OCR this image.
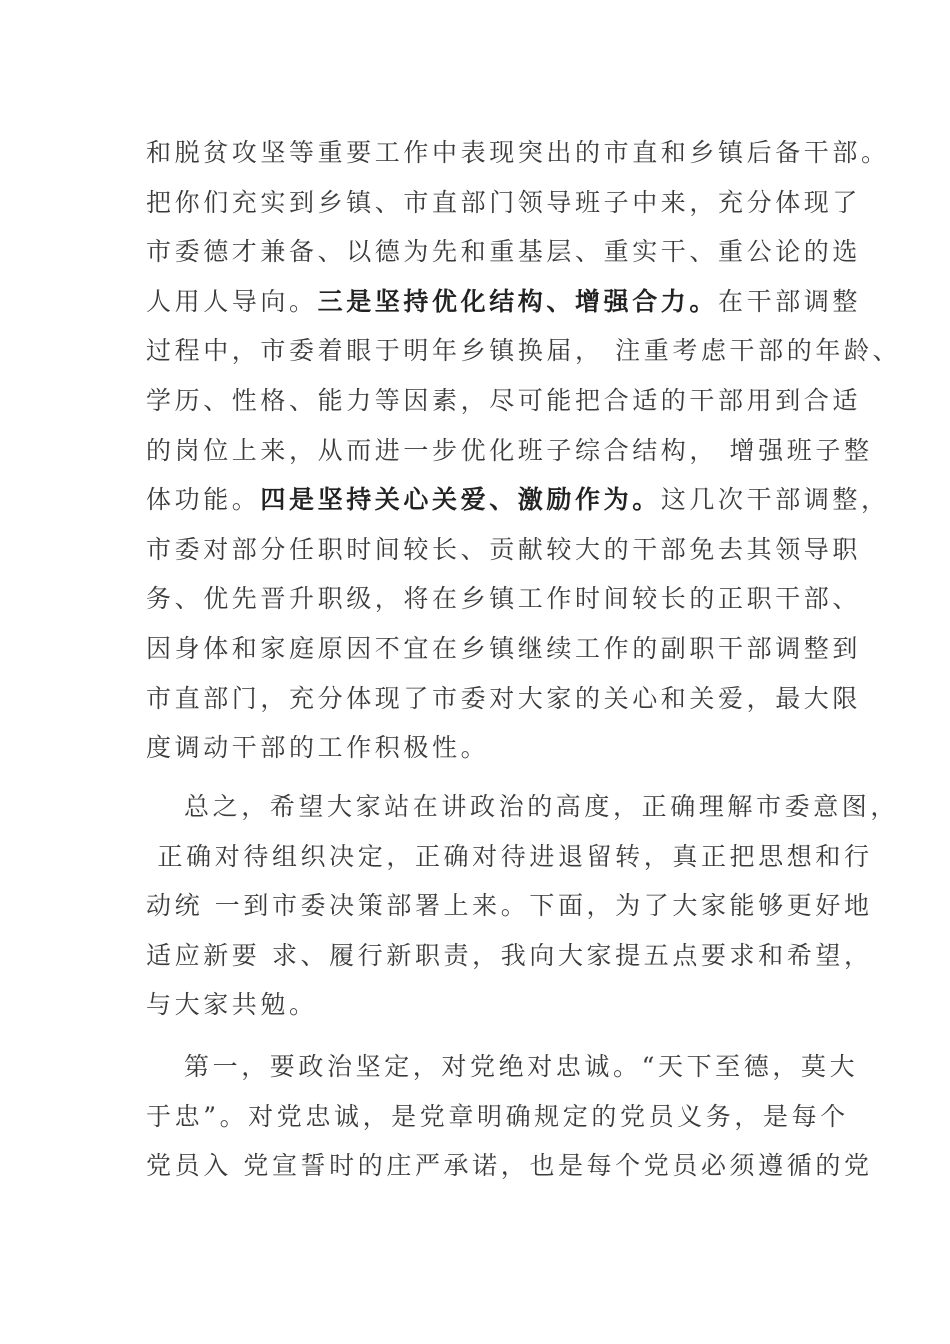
和脱贫攻坚等重要工作中表现突出的市直和乡镇后备干部。
把你们充实到乡镇、市直部门领导班子中来，充分体现了
市委德才兼备、以德为先和重基层、重实干、重公论的选
人用人导向。三是坚持优化结构、增强合力。在干部调整
过程中，市委着眼于明年乡镇换届， 注重考虑干部的年龄、
学历、性格、能力等因素，尽可能把合适的干部用到合适
的岗位上来，从而进一步优化班子综合结构， 增强班子整
体功能。四是坚持关心关爱、激励作为。这几次干部调整，
市委对部分任职时间较长、贡献较大的干部免去其领导职
务、优先晋升职级，将在乡镇工作时间较长的正职干部、
因身体和家庭原因不宜在乡镇继续工作的副职干部调整到
市直部门，充分体现了市委对大家的关心和关爱，最大限
度调动干部的工作积极性。
总之，希望大家站在讲政治的高度，正确理解市委意图，
正确对待组织决定，正确对待进退留转，真正把思想和行
动统 一到市委决策部署上来。下面，为了大家能够更好地
适应新要 求、履行新职责，我向大家提五点要求和希望，
与大家共勉。
第一，要政治坚定，对党绝对忠诚。“天下至德，莫大
于忠”。对党忠诚，是党章明确规定的党员义务，是每个
党员入 党宣誓时的庄严承诺，也是每个党员必须遵循的党
